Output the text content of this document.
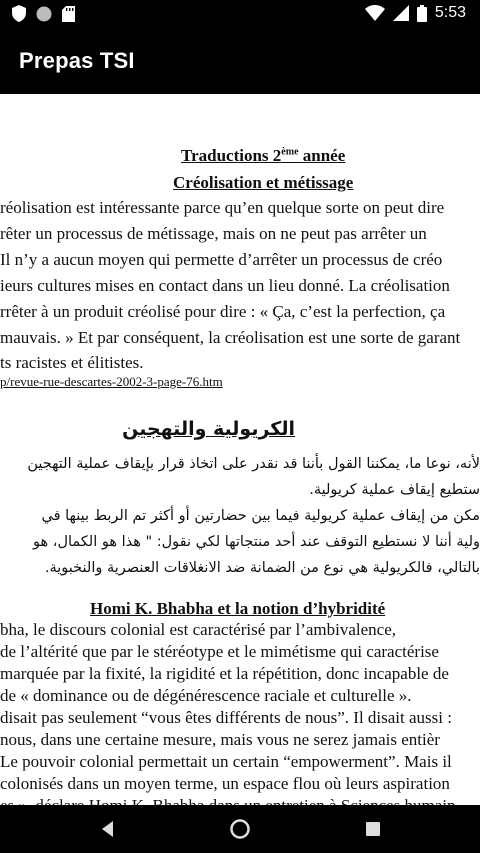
5:53
Prepas TSI
Traductions 2ème année
Créolisation et métissage
réolisation est intéressante parce qu’en quelque sorte on peut dire
rêter un processus de métissage, mais on ne peut pas arrêter un
Il n’y a aucun moyen qui permette d’arrêter un processus de créo
ieurs cultures mises en contact dans un lieu donné. La créolisation
rrêter à un produit créolisé pour dire : « Ça, c’est la perfection, ça
mauvais. » Et par conséquent, la créolisation est une sorte de garant
ts racistes et élitistes.
p/revue-rue-descartes-2002-3-page-76.htm
الكريولية والتهجين
لأنه، نوعا ما، يمكننا القول بأننا قد نقدر على اتخاذ قرار بإيقاف عملية التهجين
ستطيع إيقاف عملية كريولية.
مكن من إيقاف عملية كريولية فيما بين حضارتين أو أكثر تم الربط بينها في
ولية أننا لا نستطيع التوقف عند أحد منتجاتها لكي نقول: " هذا هو الكمال، هو
بالتالي، فالكريولية هي نوع من الضمانة ضد الانغلاقات العنصرية والنخبوية.
Homi K. Bhabha et la notion d’hybridité
bha, le discours colonial est caractérisé par l’ambivalence,
de l’altérité que par le stéréotype et le mimétisme qui caractérise
marquée par la fixité, la rigidité et la répétition, donc incapable de
de « dominance ou de dégénérescence raciale et culturelle ».
disait pas seulement “vous êtes différents de nous”. Il disait aussi :
nous, dans une certaine mesure, mais vous ne serez jamais entièr
Le pouvoir colonial permettait un certain “empowerment”. Mais il
colonisés dans un moyen terme, un espace flou où leurs aspiration
